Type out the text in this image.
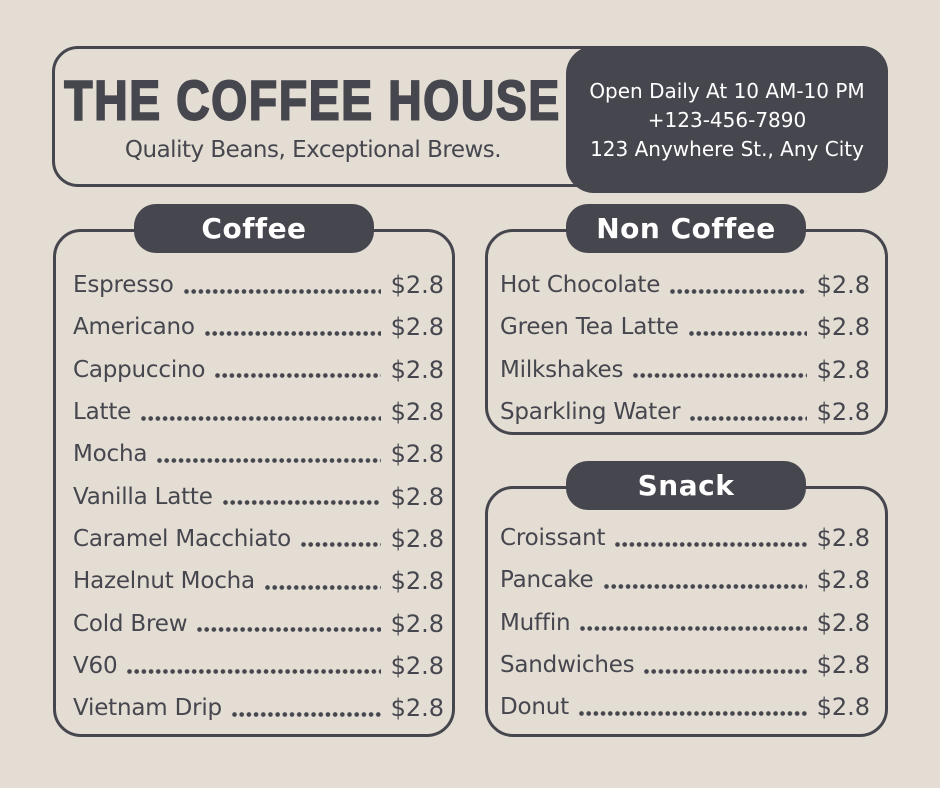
THE COFFEE HOUSE
Quality Beans, Exceptional Brews.
Open Daily At 10 AM-10 PM
+123-456-7890
123 Anywhere St., Any City
Coffee	Non Coffee
Snack
Espresso	$2.8
Americano	$2.8
Cappuccino	$2.8
Latte	$2.8
Mocha	$2.8
Vanilla Latte	$2.8
Caramel Macchiato	$2.8
Hazelnut Mocha	$2.8
Cold Brew	$2.8
V60	$2.8
Vietnam Drip	$2.8
Hot Chocolate	$2.8
Green Tea Latte	$2.8
Milkshakes	$2.8
Sparkling Water	$2.8
Croissant	$2.8
Pancake	$2.8
Muffin	$2.8
Sandwiches	$2.8
Donut	$2.8
